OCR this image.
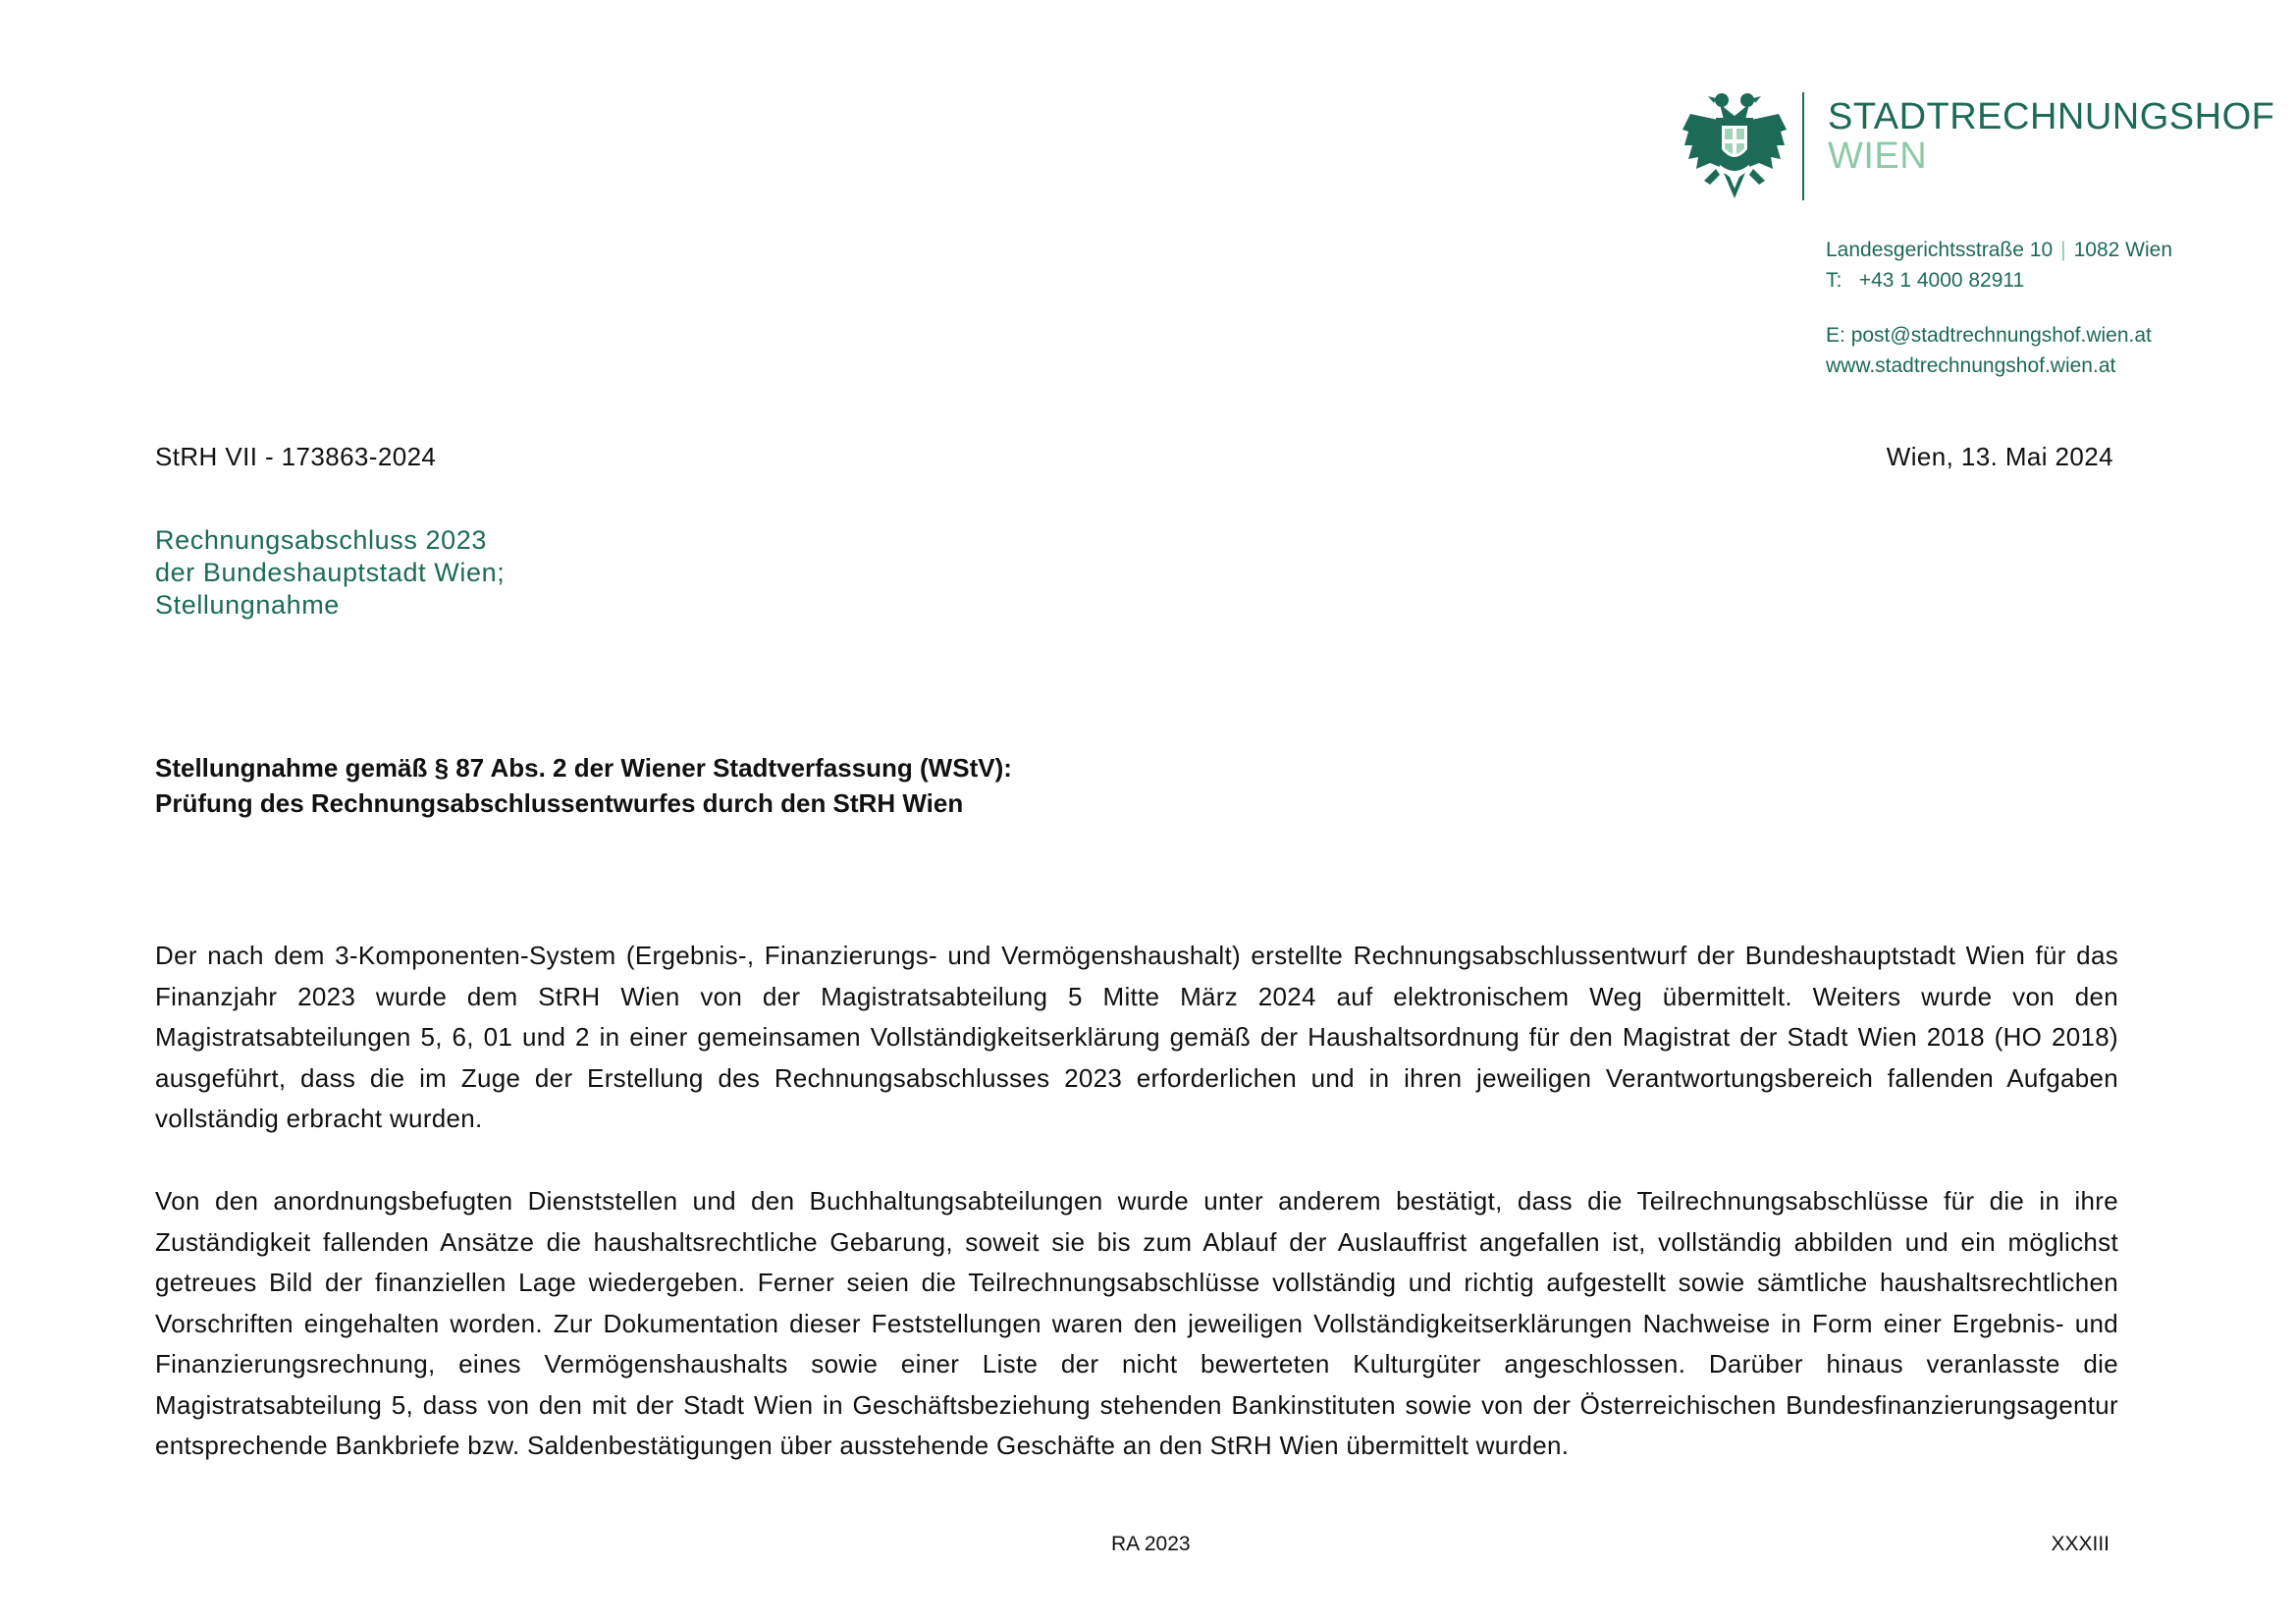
STADTRECHNUNGSHOF
WIEN
Landesgerichtsstraße 10 | 1082 Wien
T: +43 1 4000 82911
E: post@stadtrechnungshof.wien.at
www.stadtrechnungshof.wien.at
StRH VII - 173863-2024	Wien, 13. Mai 2024
Rechnungsabschluss 2023
der Bundeshauptstadt Wien;
Stellungnahme
Stellungnahme gemäß § 87 Abs. 2 der Wiener Stadtverfassung (WStV):
Prüfung des Rechnungsabschlussentwurfes durch den StRH Wien
Der nach dem 3-Komponenten-System (Ergebnis-, Finanzierungs- und Vermögenshaushalt) erstellte Rechnungsabschlussentwurf der Bundeshauptstadt Wien für das Finanzjahr 2023 wurde dem StRH Wien von der Magistratsabteilung 5 Mitte März 2024 auf elektronischem Weg übermittelt. Weiters wurde von den Magistratsabteilungen 5, 6, 01 und 2 in einer gemeinsamen Vollständigkeitserklärung gemäß der Haushaltsordnung für den Magistrat der Stadt Wien 2018 (HO 2018) ausgeführt, dass die im Zuge der Erstellung des Rechnungsabschlusses 2023 erforderlichen und in ihren jeweiligen Verantwortungsbereich fallenden Aufgaben vollständig erbracht wurden.
Von den anordnungsbefugten Dienststellen und den Buchhaltungsabteilungen wurde unter anderem bestätigt, dass die Teilrechnungsabschlüsse für die in ihre Zuständigkeit fallenden Ansätze die haushaltsrechtliche Gebarung, soweit sie bis zum Ablauf der Auslauffrist angefallen ist, vollständig abbilden und ein möglichst getreues Bild der finanziellen Lage wiedergeben. Ferner seien die Teilrechnungsabschlüsse vollständig und richtig aufgestellt sowie sämtliche haushaltsrechtlichen Vorschriften eingehalten worden. Zur Dokumentation dieser Feststellungen waren den jeweiligen Vollständigkeitserklärungen Nachweise in Form einer Ergebnis- und Finanzierungsrechnung, eines Vermögenshaushalts sowie einer Liste der nicht bewerteten Kulturgüter angeschlossen. Darüber hinaus veranlasste die Magistratsabteilung 5, dass von den mit der Stadt Wien in Geschäftsbeziehung stehenden Bankinstituten sowie von der Österreichischen Bundesfinanzierungsagentur entsprechende Bankbriefe bzw. Saldenbestätigungen über ausstehende Geschäfte an den StRH Wien übermittelt wurden.
RA 2023	XXXIII
